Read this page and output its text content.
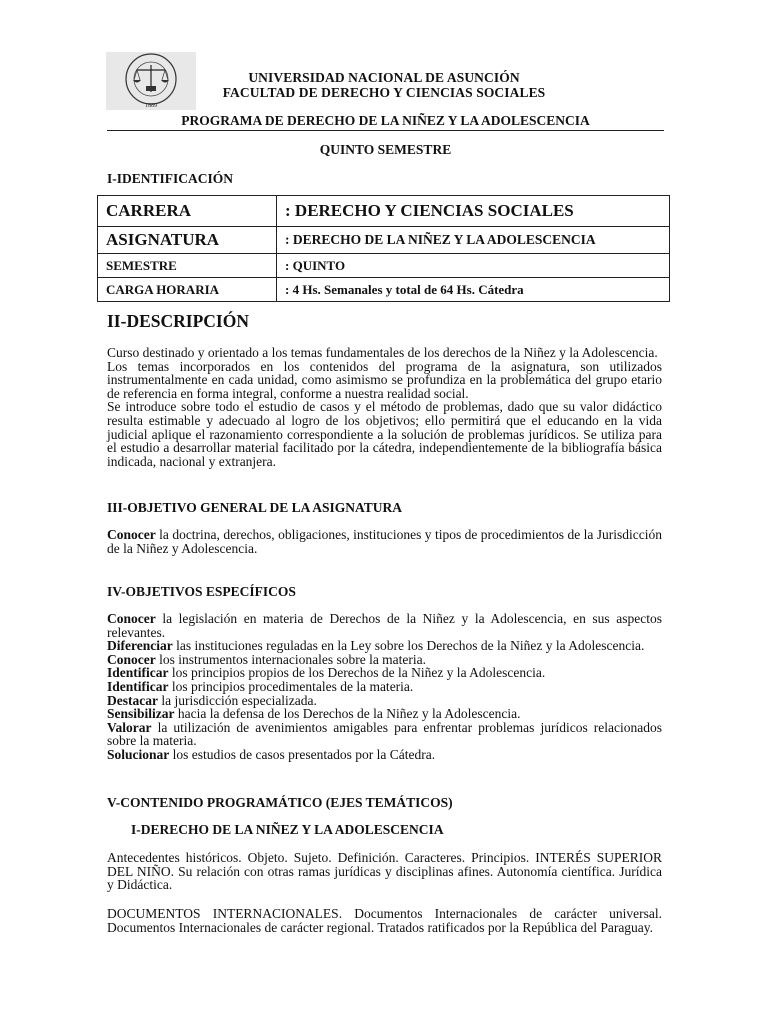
1889
UNIVERSIDAD NACIONAL DE ASUNCIÓN
FACULTAD DE DERECHO Y CIENCIAS SOCIALES
PROGRAMA DE DERECHO DE LA NIÑEZ Y LA ADOLESCENCIA
QUINTO SEMESTRE
I-IDENTIFICACIÓN
CARRERA	: DERECHO Y CIENCIAS SOCIALES
ASIGNATURA	: DERECHO DE LA NIÑEZ Y LA ADOLESCENCIA
SEMESTRE	: QUINTO
CARGA HORARIA	: 4 Hs. Semanales y total de 64 Hs. Cátedra
II-DESCRIPCIÓN

Curso destinado y orientado a los temas fundamentales de los derechos de la Niñez y la Adolescencia.

Los temas incorporados en los contenidos del programa de la asignatura, son utilizados instrumentalmente en cada unidad, como asimismo se profundiza en la problemática del grupo etario de referencia en forma integral, conforme a nuestra realidad social.

Se introduce sobre todo el estudio de casos y el método de problemas, dado que su valor didáctico resulta estimable y adecuado al logro de los objetivos; ello permitirá que el educando en la vida judicial aplique el razonamiento correspondiente a la solución de problemas jurídicos. Se utiliza para el estudio a desarrollar material facilitado por la cátedra, independientemente de la bibliografía básica indicada, nacional y extranjera.

III-OBJETIVO GENERAL DE LA ASIGNATURA
Conocer la doctrina, derechos, obligaciones, instituciones y tipos de procedimientos de la Jurisdicción de la Niñez y Adolescencia.
IV-OBJETIVOS ESPECÍFICOS
Conocer la legislación en materia de Derechos de la Niñez y la Adolescencia, en sus aspectos relevantes.
Diferenciar las instituciones reguladas en la Ley sobre los Derechos de la Niñez y la Adolescencia.
Conocer los instrumentos internacionales sobre la materia.
Identificar los principios propios de los Derechos de la Niñez y la Adolescencia.
Identificar los principios procedimentales de la materia.
Destacar la jurisdicción especializada.
Sensibilizar hacia la defensa de los Derechos de la Niñez y la Adolescencia.
Valorar la utilización de avenimientos amigables para enfrentar problemas jurídicos relacionados sobre la materia.
Solucionar los estudios de casos presentados por la Cátedra.
V-CONTENIDO PROGRAMÁTICO (EJES TEMÁTICOS)
I-DERECHO DE LA NIÑEZ Y LA ADOLESCENCIA
Antecedentes históricos. Objeto. Sujeto. Definición. Caracteres. Principios. INTERÉS SUPERIOR DEL NIÑO. Su relación con otras ramas jurídicas y disciplinas afines. Autonomía científica. Jurídica y Didáctica.
DOCUMENTOS INTERNACIONALES. Documentos Internacionales de carácter universal. Documentos Internacionales de carácter regional. Tratados ratificados por la República del Paraguay.
